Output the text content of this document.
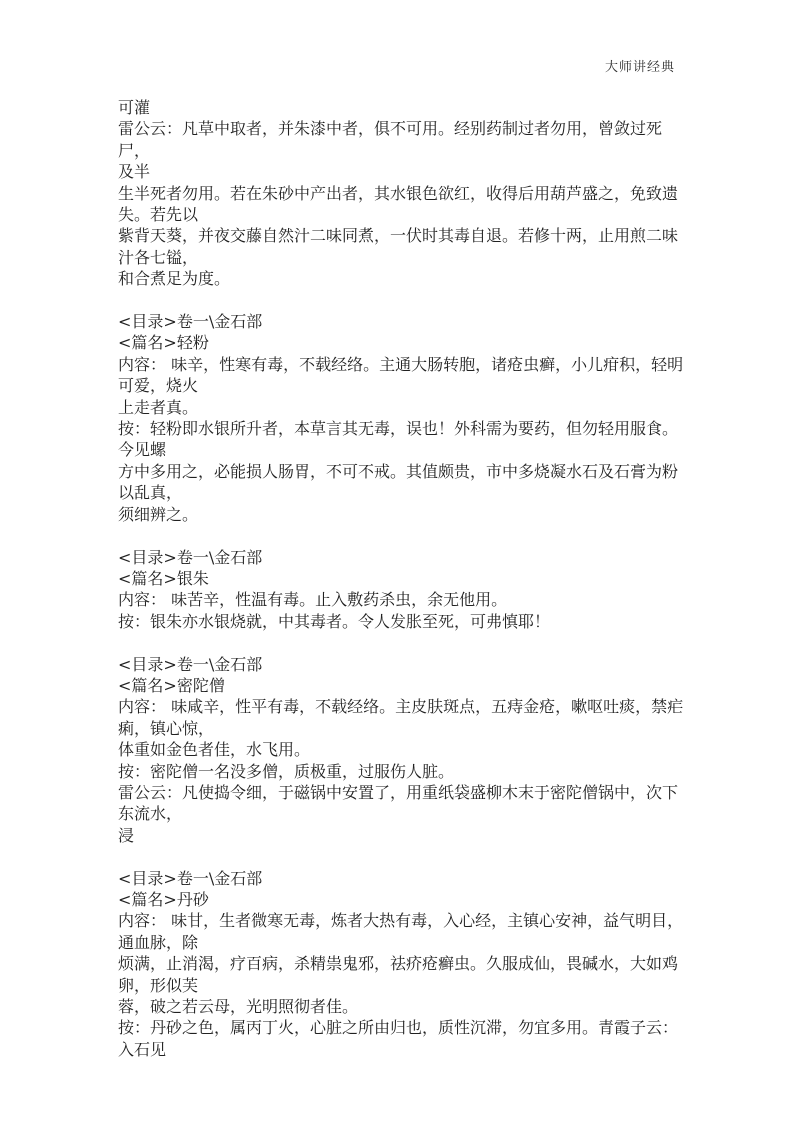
大师讲经典
可灌
雷公云：凡草中取者，并朱漆中者，俱不可用。经别药制过者勿用，曾敛过死尸，
及半
生半死者勿用。若在朱砂中产出者，其水银色欲红，收得后用葫芦盛之，免致遗
失。若先以
紫背天葵，并夜交藤自然汁二味同煮，一伏时其毒自退。若修十两，止用煎二味
汁各七镒，
和合煮足为度。
<目录>卷一\金石部
<篇名>轻粉
内容： 味辛，性寒有毒，不载经络。主通大肠转胞，诸疮虫癣，小儿疳积，轻明
可爱，烧火
上走者真。
按：轻粉即水银所升者，本草言其无毒，误也！外科需为要药，但勿轻用服食。
今见螺
方中多用之，必能损人肠胃，不可不戒。其值颇贵，市中多烧凝水石及石膏为粉
以乱真，
须细辨之。
<目录>卷一\金石部
<篇名>银朱
内容： 味苦辛，性温有毒。止入敷药杀虫，余无他用。
按：银朱亦水银烧就，中其毒者。令人发胀至死，可弗慎耶！
<目录>卷一\金石部
<篇名>密陀僧
内容： 味咸辛，性平有毒，不载经络。主皮肤斑点，五痔金疮，嗽呕吐痰，禁疟
痢，镇心惊，
体重如金色者佳，水飞用。
按：密陀僧一名没多僧，质极重，过服伤人脏。
雷公云：凡使捣令细，于磁锅中安置了，用重纸袋盛柳木末于密陀僧锅中，次下
东流水，
浸
<目录>卷一\金石部
<篇名>丹砂
内容： 味甘，生者微寒无毒，炼者大热有毒，入心经，主镇心安神，益气明目，
通血脉，除
烦满，止消渴，疗百病，杀精祟鬼邪，祛疥疮癣虫。久服成仙，畏碱水，大如鸡
卵，形似芙
蓉，破之若云母，光明照彻者佳。
按：丹砂之色，属丙丁火，心脏之所由归也，质性沉滞，勿宜多用。青霞子云：
入石见
